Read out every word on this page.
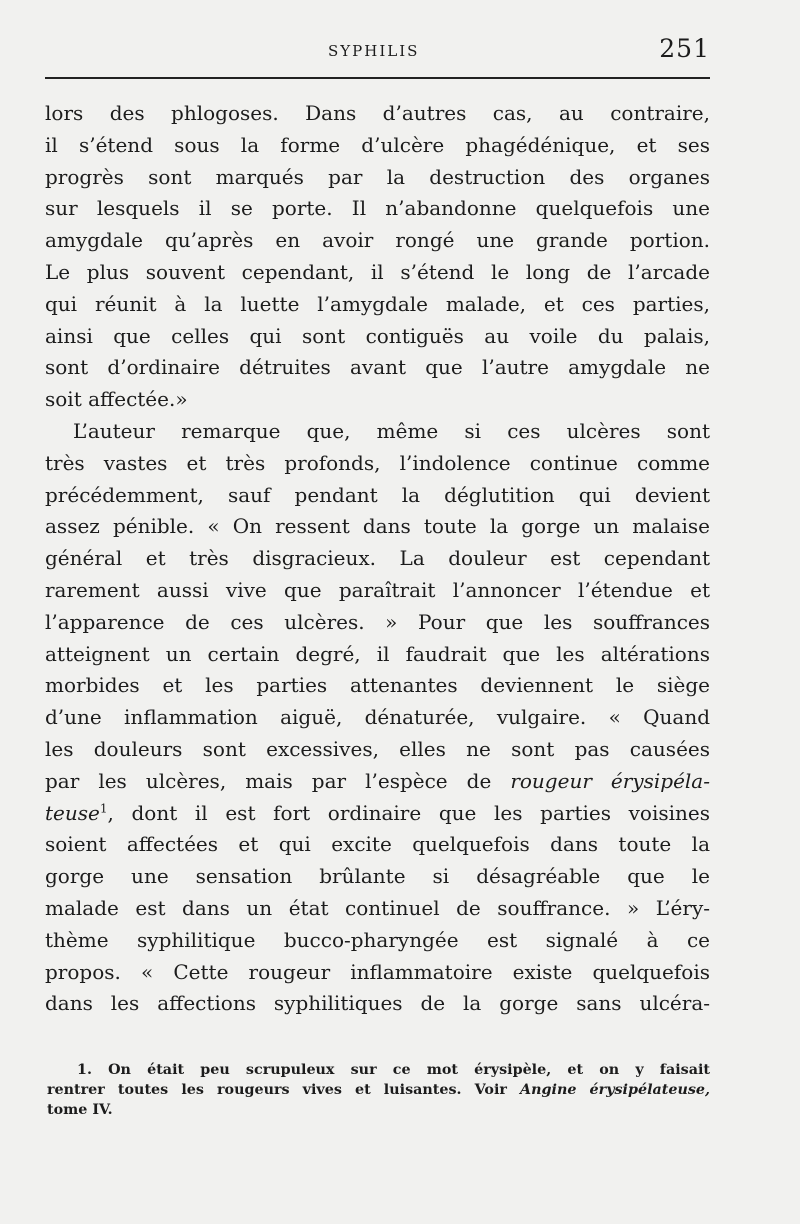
SYPHILIS	251
lors des phlogoses. Dans d’autres cas, au contraire,
il s’étend sous la forme d’ulcère phagédénique, et ses
progrès sont marqués par la destruction des organes
sur lesquels il se porte. Il n’abandonne quelquefois une
amygdale qu’après en avoir rongé une grande portion.
Le plus souvent cependant, il s’étend le long de l’arcade
qui réunit à la luette l’amygdale malade, et ces parties,
ainsi que celles qui sont contiguës au voile du palais,
sont d’ordinaire détruites avant que l’autre amygdale ne
soit affectée.»
L’auteur remarque que, même si ces ulcères sont
très vastes et très profonds, l’indolence continue comme
précédemment, sauf pendant la déglutition qui devient
assez pénible. « On ressent dans toute la gorge un malaise
général et très disgracieux. La douleur est cependant
rarement aussi vive que paraîtrait l’annoncer l’étendue et
l’apparence de ces ulcères. » Pour que les souffrances
atteignent un certain degré, il faudrait que les altérations
morbides et les parties attenantes deviennent le siège
d’une inflammation aiguë, dénaturée, vulgaire. « Quand
les douleurs sont excessives, elles ne sont pas causées
par les ulcères, mais par l’espèce de rougeur érysipéla-
teuse$^1$, dont il est fort ordinaire que les parties voisines
soient affectées et qui excite quelquefois dans toute la
gorge une sensation brûlante si désagréable que le
malade est dans un état continuel de souffrance. » L’éry-
thème syphilitique bucco-pharyngée est signalé à ce
propos. « Cette rougeur inflammatoire existe quelquefois
dans les affections syphilitiques de la gorge sans ulcéra-
1. On était peu scrupuleux sur ce mot érysipèle, et on y faisait
rentrer toutes les rougeurs vives et luisantes. Voir Angine érysipélateuse,
tome IV.
